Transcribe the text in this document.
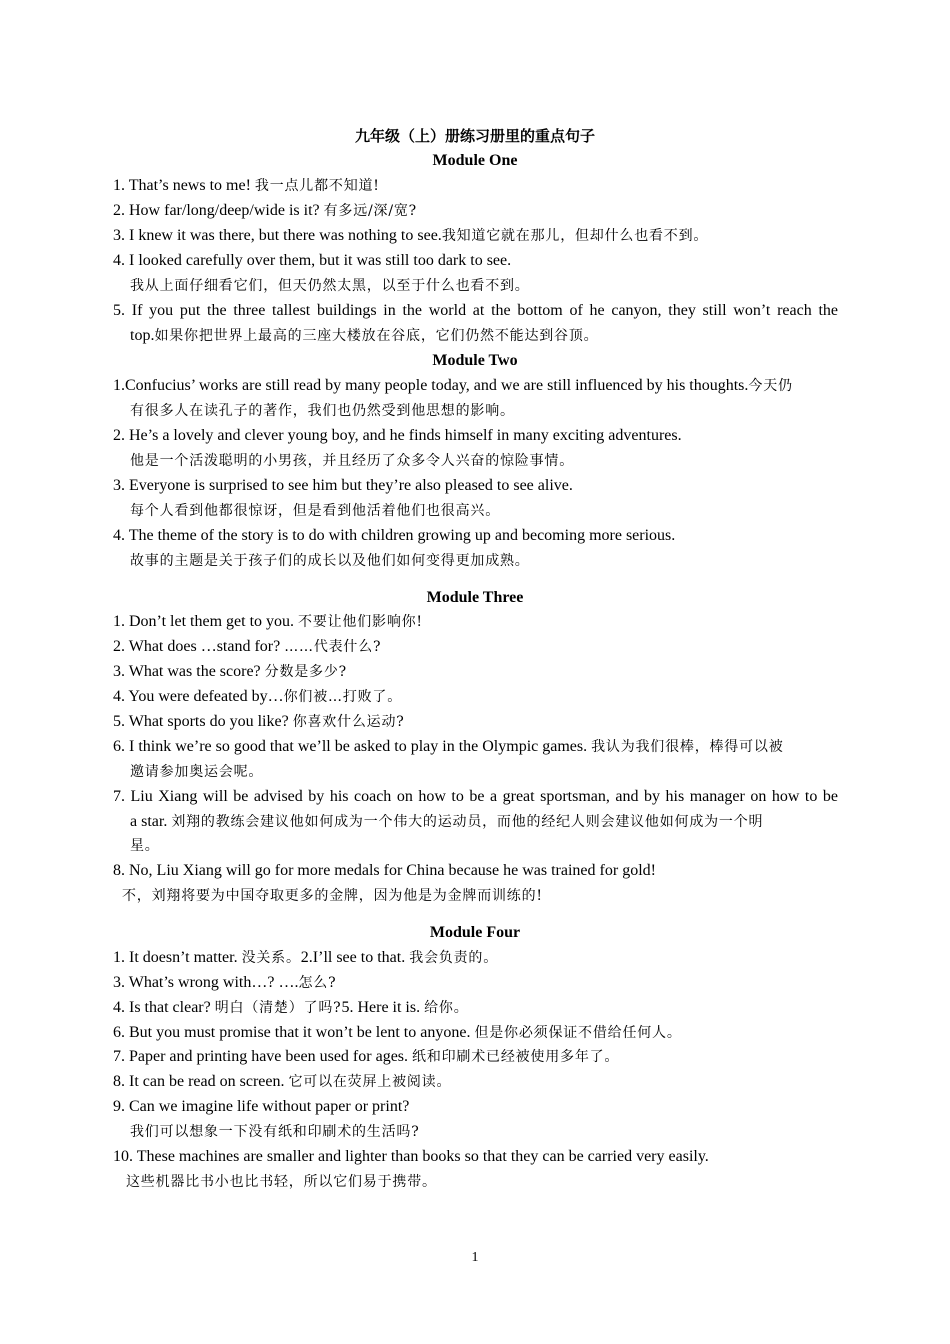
九年级（上）册练习册里的重点句子
Module One
1. That’s news to me! 我一点儿都不知道!
2. How far/long/deep/wide is it? 有多远/深/宽?
3. I knew it was there, but there was nothing to see.我知道它就在那儿，但却什么也看不到。
4. I looked carefully over them, but it was still too dark to see.
我从上面仔细看它们，但天仍然太黑，以至于什么也看不到。
5. If you put the three tallest buildings in the world at the bottom of he canyon, they still won’t reach the
top.如果你把世界上最高的三座大楼放在谷底，它们仍然不能达到谷顶。
Module Two
1.Confucius’ works are still read by many people today, and we are still influenced by his thoughts.今天仍
有很多人在读孔子的著作，我们也仍然受到他思想的影响。
2. He’s a lovely and clever young boy, and he finds himself in many exciting adventures.
他是一个活泼聪明的小男孩，并且经历了众多令人兴奋的惊险事情。
3. Everyone is surprised to see him but they’re also pleased to see alive.
每个人看到他都很惊讶，但是看到他活着他们也很高兴。
4. The theme of the story is to do with children growing up and becoming more serious.
故事的主题是关于孩子们的成长以及他们如何变得更加成熟。
Module Three
1. Don’t let them get to you. 不要让他们影响你!
2. What does …stand for? ……代表什么?
3. What was the score? 分数是多少?
4. You were defeated by…你们被…打败了。
5. What sports do you like? 你喜欢什么运动?
6. I think we’re so good that we’ll be asked to play in the Olympic games. 我认为我们很棒，棒得可以被
邀请参加奥运会呢。
7. Liu Xiang will be advised by his coach on how to be a great sportsman, and by his manager on how to be
a star. 刘翔的教练会建议他如何成为一个伟大的运动员，而他的经纪人则会建议他如何成为一个明
星。
8. No, Liu Xiang will go for more medals for China because he was trained for gold!
不，刘翔将要为中国夺取更多的金牌，因为他是为金牌而训练的!
Module Four
1. It doesn’t matter. 没关系。2.I’ll see to that. 我会负责的。
3. What’s wrong with…? ….怎么?
4. Is that clear? 明白（清楚）了吗?5. Here it is. 给你。
6. But you must promise that it won’t be lent to anyone. 但是你必须保证不借给任何人。
7. Paper and printing have been used for ages. 纸和印刷术已经被使用多年了。
8. It can be read on screen. 它可以在荧屏上被阅读。
9. Can we imagine life without paper or print?
我们可以想象一下没有纸和印刷术的生活吗?
10. These machines are smaller and lighter than books so that they can be carried very easily.
这些机器比书小也比书轻，所以它们易于携带。
1
